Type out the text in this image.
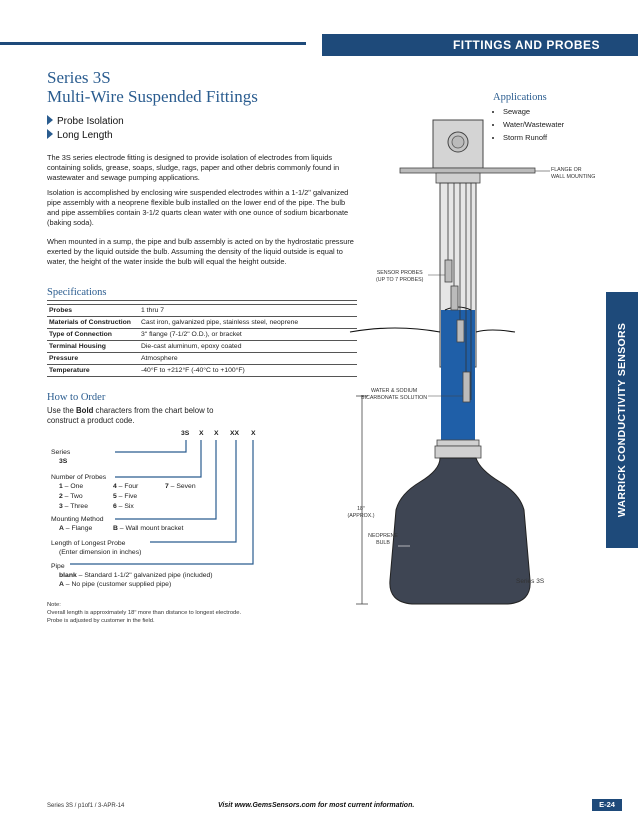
FITTINGS AND PROBES
WARRICK CONDUCTIVITY SENSORS
Series 3S
Multi-Wire Suspended Fittings
Probe Isolation
Long Length
The 3S series electrode fitting is designed to provide isolation of electrodes from liquids containing solids, grease, soaps, sludge, rags, paper and other debris commonly found in wastewater and sewage pumping applications.
Isolation is accomplished by enclosing wire suspended electrodes within a 1-1/2ʺ galvanized pipe assembly with a neoprene flexible bulb installed on the lower end of the pipe. The bulb and pipe assemblies contain 3-1/2 quarts clean water with one ounce of sodium bicarbonate (baking soda).
When mounted in a sump, the pipe and bulb assembly is acted on by the hydrostatic pressure exerted by the liquid outside the bulb. Assuming the density of the liquid outside is equal to water, the height of the water inside the bulb will equal the height outside.
Specifications
Probes	1 thru 7
Materials of Construction	Cast iron, galvanized pipe, stainless steel, neoprene
Type of Connection	3ʺ flange (7-1/2ʺ O.D.), or bracket
Terminal Housing	Die-cast aluminum, epoxy coated
Pressure	Atmosphere
Temperature	-40°F to +212°F (-40°C to +100°F)
How to Order
Use the Bold characters from the chart below to
construct a product code.
3S X X XX X
Series
3S
Number of Probes
1 – One
2 – Two
3 – Three
4 – Four
5 – Five
6 – Six
7 – Seven
Mounting Method
A – Flange	B – Wall mount bracket
Length of Longest Probe
(Enter dimension in inches)
Pipe
blank – Standard 1-1/2ʺ galvanized pipe (included)
A – No pipe (customer supplied pipe)
Note:
Overall length is approximately 18ʺ more than distance to longest electrode.
Probe is adjusted by customer in the field.
Applications
• Sewage
• Water/Wastewater
• Storm Runoff
FLANGE OR
WALL MOUNTING
SENSOR PROBES
(UP TO 7 PROBES)
WATER & SODIUM
BICARBONATE SOLUTION
18ʺ
(APPROX.)
NEOPRENE
BULB
Series 3S
Series 3S / p1of1 / 3-APR-14	Visit www.GemsSensors.com for most current information.	E-24
